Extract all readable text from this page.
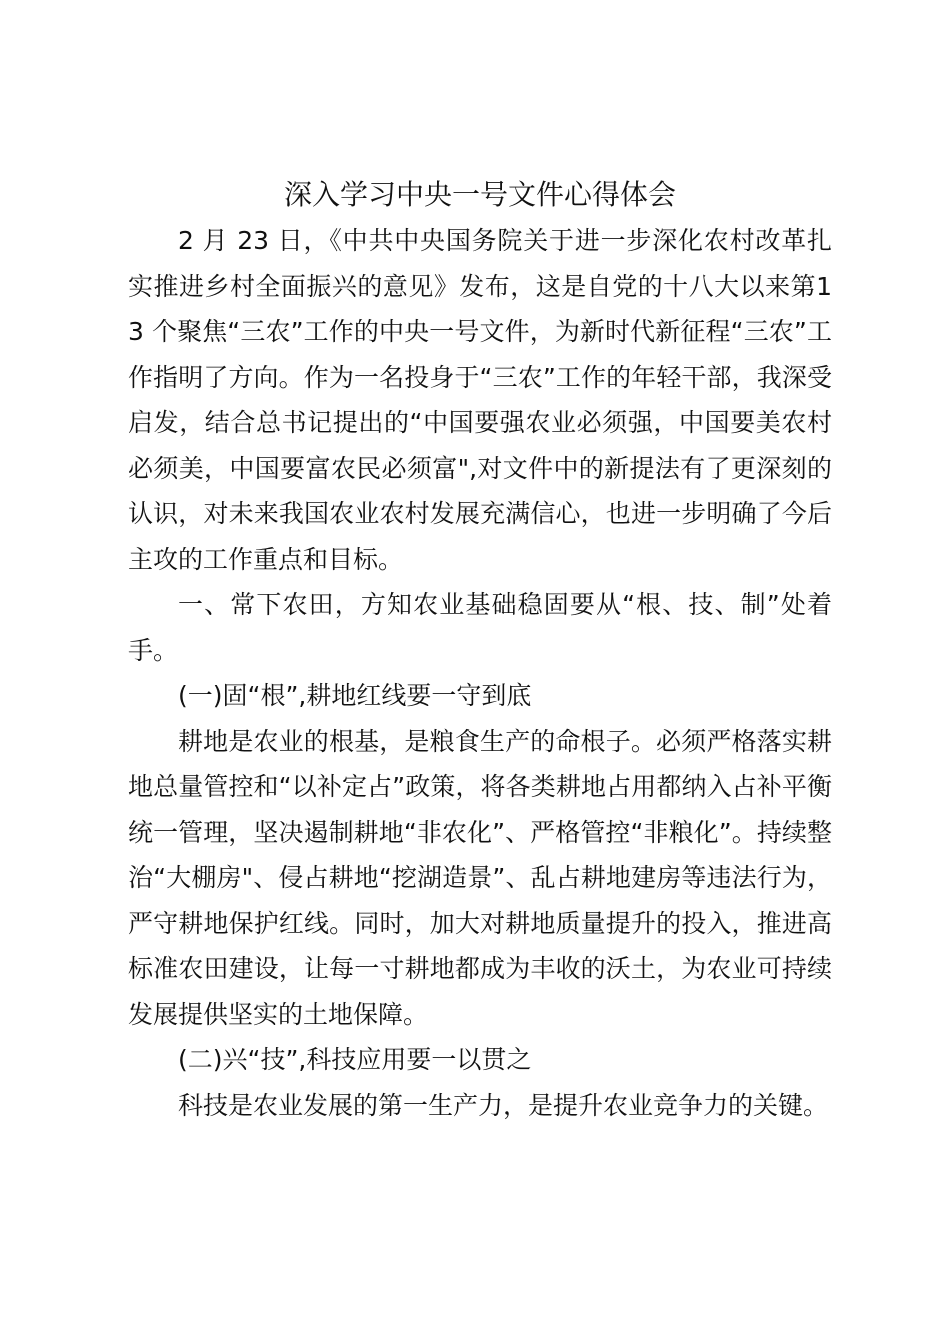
深入学习中央一号文件心得体会

2 月 23 日，《中共中央国务院关于进一步深化农村改革扎实推进乡村全面振兴的意见》发布，这是自党的十八大以来第13 个聚焦“三农”工作的中央一号文件，为新时代新征程“三农”工作指明了方向。作为一名投身于“三农”工作的年轻干部，我深受启发，结合总书记提出的“中国要强农业必须强，中国要美农村必须美，中国要富农民必须富",对文件中的新提法有了更深刻的认识，对未来我国农业农村发展充满信心，也进一步明确了今后主攻的工作重点和目标。

一、常下农田，方知农业基础稳固要从“根、技、制”处着手。

(一)固“根”,耕地红线要一守到底

耕地是农业的根基，是粮食生产的命根子。必须严格落实耕地总量管控和“以补定占”政策，将各类耕地占用都纳入占补平衡统一管理，坚决遏制耕地“非农化”、严格管控“非粮化”。持续整治“大棚房"、侵占耕地“挖湖造景”、乱占耕地建房等违法行为，严守耕地保护红线。同时，加大对耕地质量提升的投入，推进高标准农田建设，让每一寸耕地都成为丰收的沃土，为农业可持续发展提供坚实的土地保障。

(二)兴“技”,科技应用要一以贯之

科技是农业发展的第一生产力，是提升农业竞争力的关键。
